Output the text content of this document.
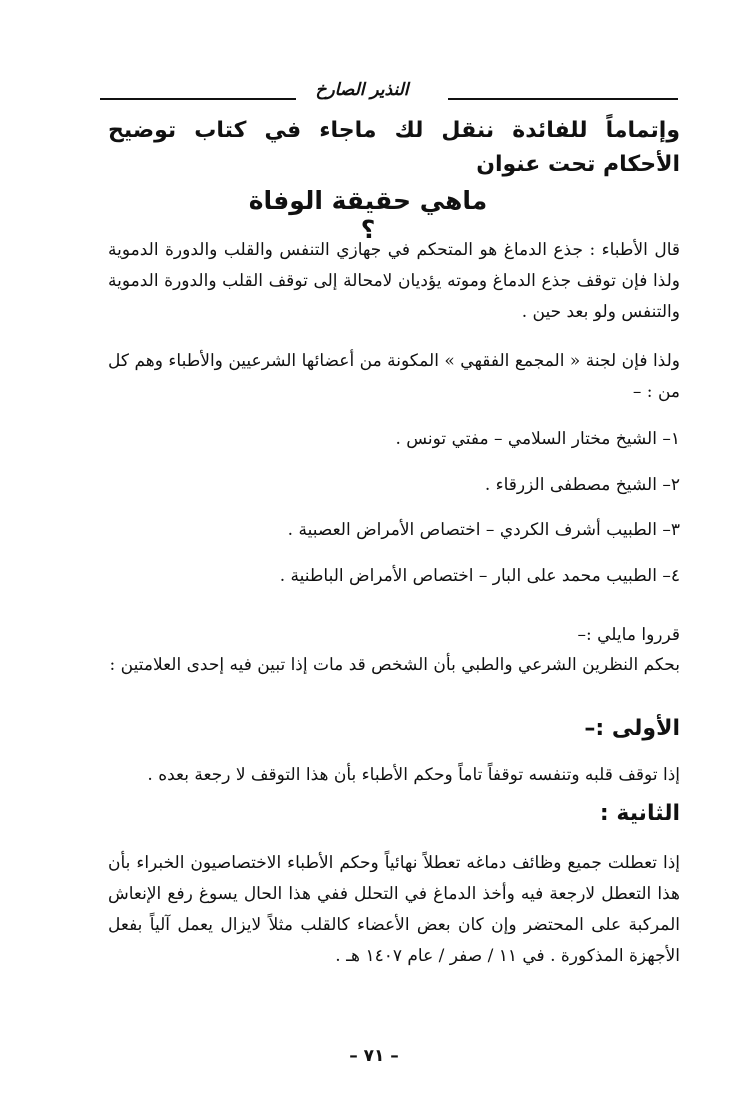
النذير الصارخ
وإتماماً للفائدة ننقل لك ماجاء في كتاب توضيح الأحكام تحت عنوان
ماهي حقيقة الوفاة ؟
قال الأطباء : جذع الدماغ هو المتحكم في جهازي التنفس والقلب والدورة الدموية ولذا فإن توقف جذع الدماغ وموته يؤديان لامحالة إلى توقف القلب والدورة الدموية والتنفس ولو بعد حين .
ولذا فإن لجنة « المجمع الفقهي » المكونة من أعضائها الشرعيين والأطباء وهم كل من : –
١– الشيخ مختار السلامي – مفتي تونس .
٢– الشيخ مصطفى الزرقاء .
٣– الطبيب أشرف الكردي – اختصاص الأمراض العصبية .
٤– الطبيب محمد على البار – اختصاص الأمراض الباطنية .
قرروا مايلي :–
بحكم النظرين الشرعي والطبي بأن الشخص قد مات إذا تبين فيه إحدى العلامتين :
الأولى :–
إذا توقف قلبه وتنفسه توقفاً تاماً وحكم الأطباء بأن هذا التوقف لا رجعة بعده .
الثانية :
إذا تعطلت جميع وظائف دماغه تعطلاً نهائياً وحكم الأطباء الاختصاصيون الخبراء بأن هذا التعطل لارجعة فيه وأخذ الدماغ في التحلل ففي هذا الحال يسوغ رفع الإنعاش المركبة على المحتضر وإن كان بعض الأعضاء كالقلب مثلاً لايزال يعمل آلياً بفعل الأجهزة المذكورة . في ١١ / صفر / عام ١٤٠٧ هـ .
– ٧١ –
